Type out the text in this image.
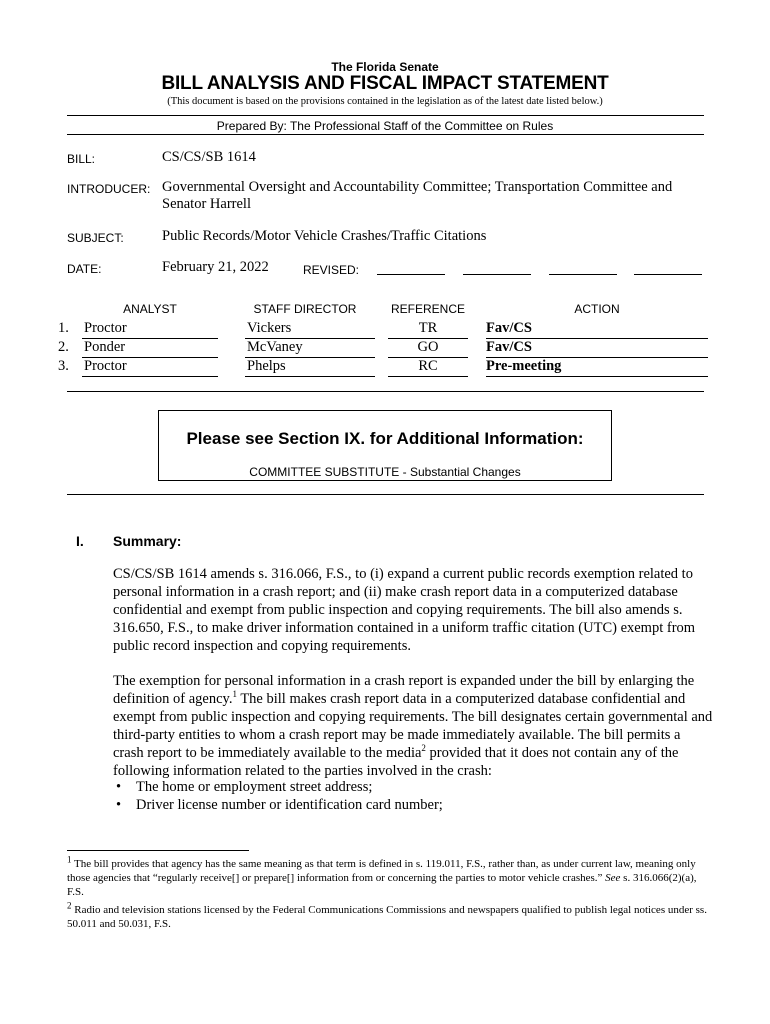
The Florida Senate
BILL ANALYSIS AND FISCAL IMPACT STATEMENT
(This document is based on the provisions contained in the legislation as of the latest date listed below.)
Prepared By: The Professional Staff of the Committee on Rules
BILL:	CS/CS/SB 1614
INTRODUCER: Governmental Oversight and Accountability Committee; Transportation Committee and
Senator Harrell
SUBJECT:	Public Records/Motor Vehicle Crashes/Traffic Citations
DATE:	February 21, 2022	REVISED:
ANALYST	STAFF DIRECTOR	REFERENCE	ACTION
1.	Proctor	Vickers	TR	Fav/CS
2.	Ponder	McVaney	GO	Fav/CS
3.	Proctor	Phelps	RC	Pre-meeting
Please see Section IX. for Additional Information:
COMMITTEE SUBSTITUTE - Substantial Changes
I. Summary:

CS/CS/SB 1614 amends s. 316.066, F.S., to (i) expand a current public records exemption related to personal information in a crash report; and (ii) make crash report data in a computerized database confidential and exempt from public inspection and copying requirements. The bill also amends s. 316.650, F.S., to make driver information contained in a uniform traffic citation (UTC) exempt from public record inspection and copying requirements.

The exemption for personal information in a crash report is expanded under the bill by enlarging the definition of agency.$^1$ The bill makes crash report data in a computerized database confidential and exempt from public inspection and copying requirements. The bill designates certain governmental and third-party entities to whom a crash report may be made immediately available. The bill permits a crash report to be immediately available to the media$^2$ provided that it does not contain any of the following information related to the parties involved in the crash:

• The home or employment street address;
• Driver license number or identification card number;
$^1$ The bill provides that agency has the same meaning as that term is defined in s. 119.011, F.S., rather than, as under current law, meaning only those agencies that “regularly receive[] or prepare[] information from or concerning the parties to motor vehicle crashes.” See s. 316.066(2)(a), F.S.
$^2$ Radio and television stations licensed by the Federal Communications Commissions and newspapers qualified to publish legal notices under ss. 50.011 and 50.031, F.S.
